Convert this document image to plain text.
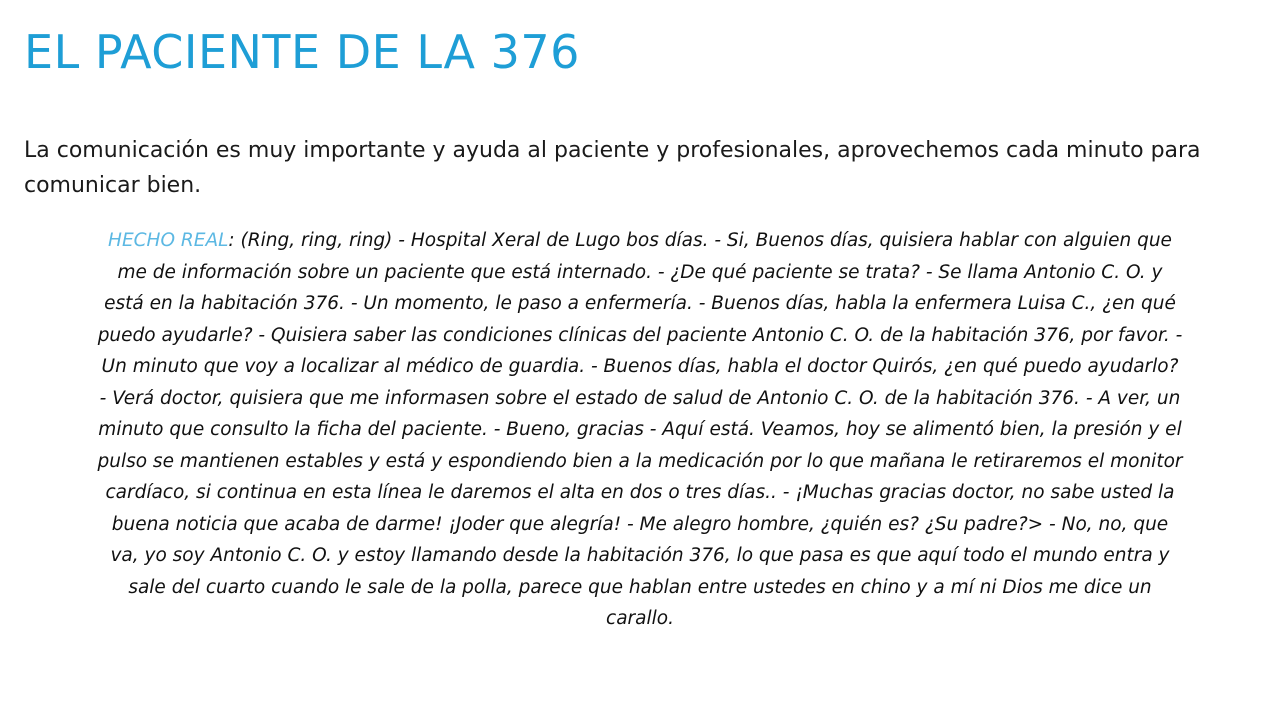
EL PACIENTE DE LA 376

La comunicación es muy importante y ayuda al paciente y profesionales, aprovechemos cada minuto para comunicar bien.

HECHO REAL: (Ring, ring, ring) - Hospital Xeral de Lugo bos días. - Si, Buenos días, quisiera hablar con alguien que me de información sobre un paciente que está internado. - ¿De qué paciente se trata? - Se llama Antonio C. O. y está en la habitación 376. - Un momento, le paso a enfermería. - Buenos días, habla la enfermera Luisa C., ¿en qué puedo ayudarle? - Quisiera saber las condiciones clínicas del paciente Antonio C. O. de la habitación 376, por favor. - Un minuto que voy a localizar al médico de guardia. - Buenos días, habla el doctor Quirós, ¿en qué puedo ayudarlo? - Verá doctor, quisiera que me informasen sobre el estado de salud de Antonio C. O. de la habitación 376. - A ver, un minuto que consulto la ficha del paciente. - Bueno, gracias - Aquí está. Veamos, hoy se alimentó bien, la presión y el pulso se mantienen estables y está y espondiendo bien a la medicación por lo que mañana le retiraremos el monitor cardíaco, si continua en esta línea le daremos el alta en dos o tres días.. - ¡Muchas gracias doctor, no sabe usted la buena noticia que acaba de darme! ¡Joder que alegría! - Me alegro hombre, ¿quién es? ¿Su padre?> - No, no, que va, yo soy Antonio C. O. y estoy llamando desde la habitación 376, lo que pasa es que aquí todo el mundo entra y sale del cuarto cuando le sale de la polla, parece que hablan entre ustedes en chino y a mí ni Dios me dice un carallo.
